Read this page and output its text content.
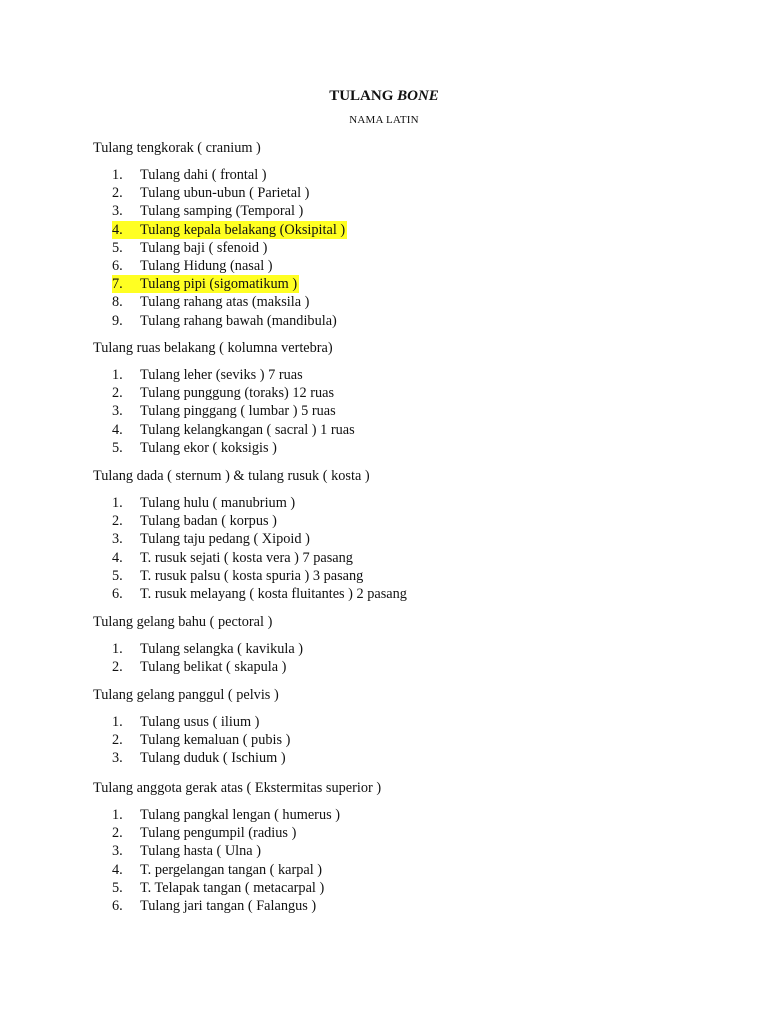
TULANG BONE
NAMA LATIN
Tulang tengkorak ( cranium )
1. Tulang dahi ( frontal )
2. Tulang ubun-ubun ( Parietal )
3. Tulang samping (Temporal )
4. Tulang kepala belakang (Oksipital )
5. Tulang baji ( sfenoid )
6. Tulang Hidung (nasal )
7. Tulang pipi (sigomatikum )
8. Tulang rahang atas (maksila )
9. Tulang rahang bawah (mandibula)
Tulang ruas belakang ( kolumna vertebra)
1. Tulang leher (seviks ) 7 ruas
2. Tulang punggung (toraks) 12 ruas
3. Tulang pinggang ( lumbar ) 5 ruas
4. Tulang kelangkangan ( sacral ) 1 ruas
5. Tulang ekor ( koksigis )
Tulang dada ( sternum ) & tulang rusuk ( kosta )
1. Tulang hulu ( manubrium )
2. Tulang badan ( korpus )
3. Tulang taju pedang ( Xipoid )
4. T. rusuk sejati ( kosta vera ) 7 pasang
5. T. rusuk palsu ( kosta spuria ) 3 pasang
6. T. rusuk melayang ( kosta fluitantes ) 2 pasang
Tulang gelang bahu ( pectoral )
1. Tulang selangka ( kavikula )
2. Tulang belikat ( skapula )
Tulang gelang panggul ( pelvis )
1. Tulang usus ( ilium )
2. Tulang kemaluan ( pubis )
3. Tulang duduk ( Ischium )
Tulang anggota gerak atas ( Ekstermitas superior )
1. Tulang pangkal lengan ( humerus )
2. Tulang pengumpil (radius )
3. Tulang hasta ( Ulna )
4. T. pergelangan tangan ( karpal )
5. T. Telapak tangan ( metacarpal )
6. Tulang jari tangan ( Falangus )
